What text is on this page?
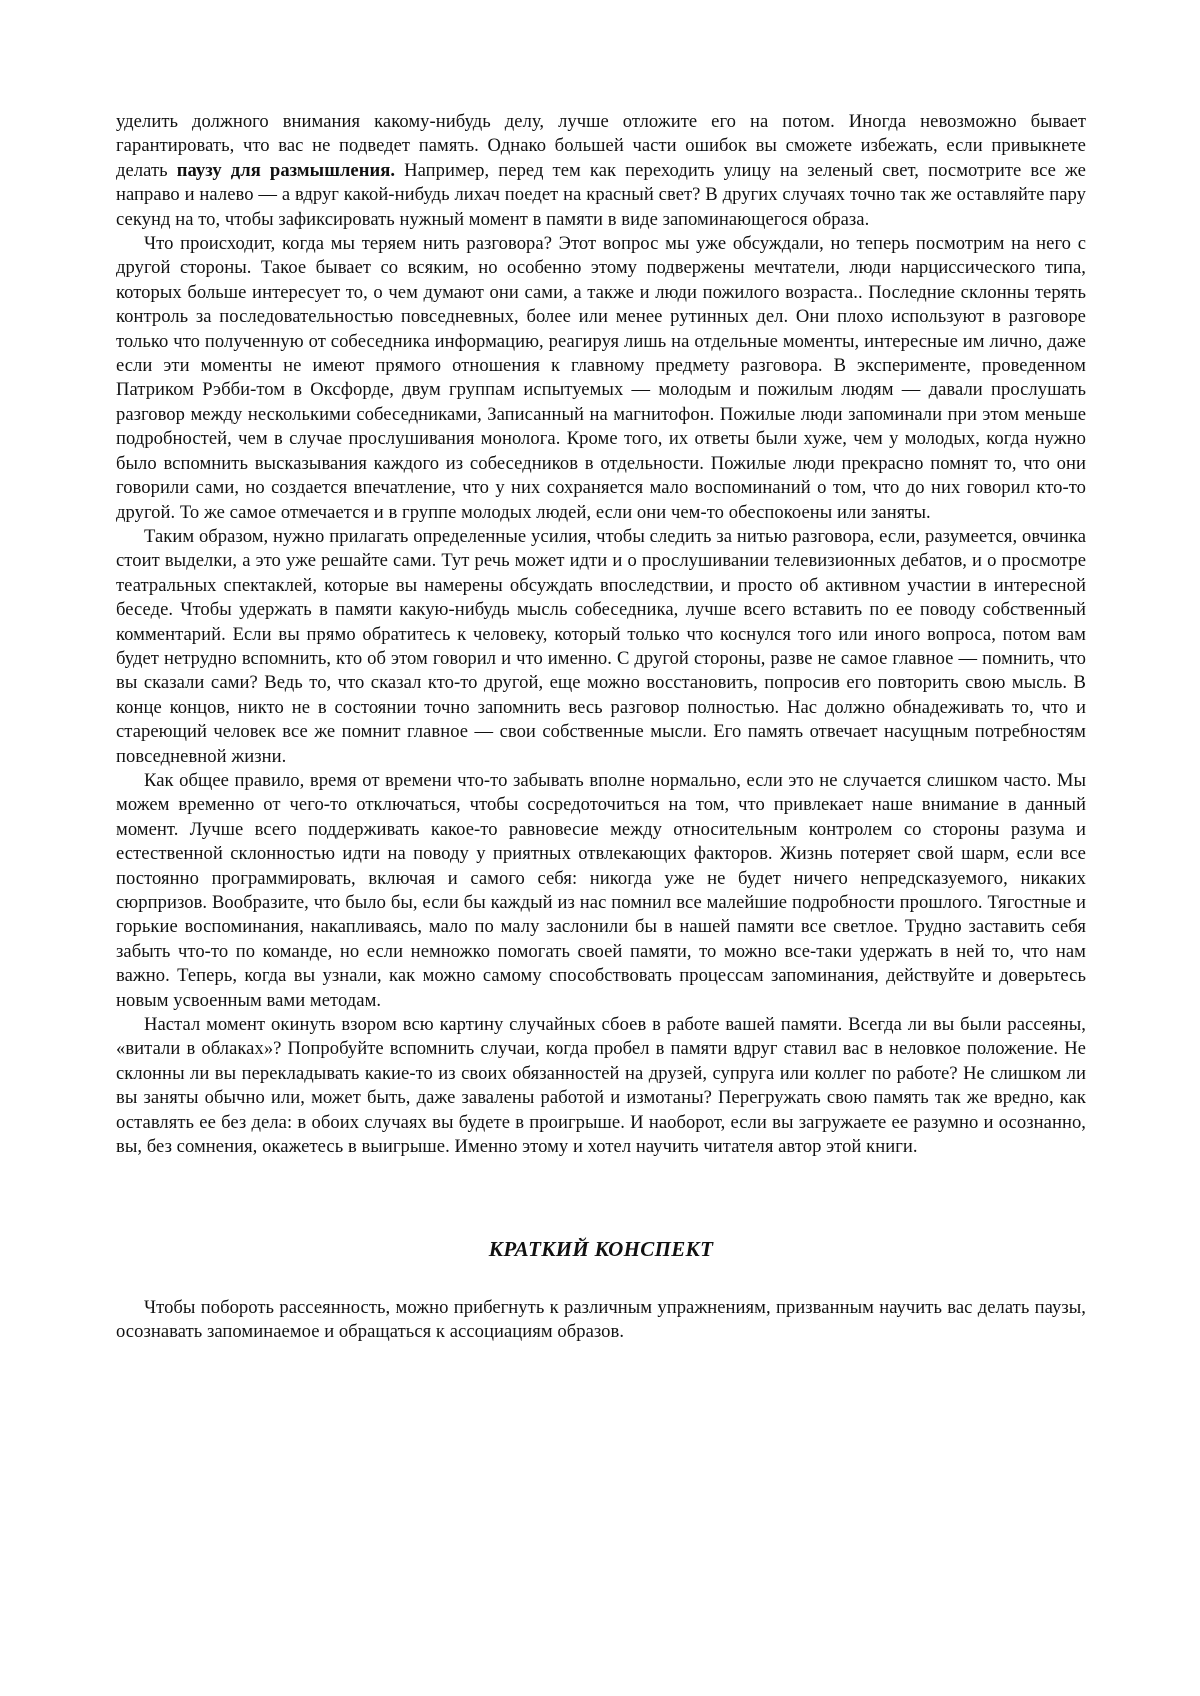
уделить должного внимания какому-нибудь делу, лучше отложите его на потом. Иногда невозможно бывает гарантировать, что вас не подведет память. Однако большей части ошибок вы сможете избежать, если привыкнете делать паузу для размышления. Например, перед тем как переходить улицу на зеленый свет, посмотрите все же направо и налево — а вдруг какой-нибудь лихач поедет на красный свет? В других случаях точно так же оставляйте пару секунд на то, чтобы зафиксировать нужный момент в памяти в виде запоминающегося образа.

Что происходит, когда мы теряем нить разговора? Этот вопрос мы уже обсуждали, но теперь посмотрим на него с другой стороны. Такое бывает со всяким, но особенно этому подвержены мечтатели, люди нарциссического типа, которых больше интересует то, о чем думают они сами, а также и люди пожилого возраста.. Последние склонны терять контроль за последовательностью повседневных, более или менее рутинных дел. Они плохо используют в разговоре только что полученную от собеседника информацию, реагируя лишь на отдельные моменты, интересные им лично, даже если эти моменты не имеют прямого отношения к главному предмету разговора. В эксперименте, проведенном Патриком Рэбби-том в Оксфорде, двум группам испытуемых — молодым и пожилым людям — давали прослушать разговор между несколькими собеседниками, Записанный на магнитофон. Пожилые люди запоминали при этом меньше подробностей, чем в случае прослушивания монолога. Кроме того, их ответы были хуже, чем у молодых, когда нужно было вспомнить высказывания каждого из собеседников в отдельности. Пожилые люди прекрасно помнят то, что они говорили сами, но создается впечатление, что у них сохраняется мало воспоминаний о том, что до них говорил кто-то другой. То же самое отмечается и в группе молодых людей, если они чем-то обеспокоены или заняты.

Таким образом, нужно прилагать определенные усилия, чтобы следить за нитью разговора, если, разумеется, овчинка стоит выделки, а это уже решайте сами. Тут речь может идти и о прослушивании телевизионных дебатов, и о просмотре театральных спектаклей, которые вы намерены обсуждать впоследствии, и просто об активном участии в интересной беседе. Чтобы удержать в памяти какую-нибудь мысль собеседника, лучше всего вставить по ее поводу собственный комментарий. Если вы прямо обратитесь к человеку, который только что коснулся того или иного вопроса, потом вам будет нетрудно вспомнить, кто об этом говорил и что именно. С другой стороны, разве не самое главное — помнить, что вы сказали сами? Ведь то, что сказал кто-то другой, еще можно восстановить, попросив его повторить свою мысль. В конце концов, никто не в состоянии точно запомнить весь разговор полностью. Нас должно обнадеживать то, что и стареющий человек все же помнит главное — свои собственные мысли. Его память отвечает насущным потребностям повседневной жизни.

Как общее правило, время от времени что-то забывать вполне нормально, если это не случается слишком часто. Мы можем временно от чего-то отключаться, чтобы сосредоточиться на том, что привлекает наше внимание в данный момент. Лучше всего поддерживать какое-то равновесие между относительным контролем со стороны разума и естественной склонностью идти на поводу у приятных отвлекающих факторов. Жизнь потеряет свой шарм, если все постоянно программировать, включая и самого себя: никогда уже не будет ничего непредсказуемого, никаких сюрпризов. Вообразите, что было бы, если бы каждый из нас помнил все малейшие подробности прошлого. Тягостные и горькие воспоминания, накапливаясь, мало по малу заслонили бы в нашей памяти все светлое. Трудно заставить себя забыть что-то по команде, но если немножко помогать своей памяти, то можно все-таки удержать в ней то, что нам важно. Теперь, когда вы узнали, как можно самому способствовать процессам запоминания, действуйте и доверьтесь новым усвоенным вами методам.

Настал момент окинуть взором всю картину случайных сбоев в работе вашей памяти. Всегда ли вы были рассеяны, «витали в облаках»? Попробуйте вспомнить случаи, когда пробел в памяти вдруг ставил вас в неловкое положение. Не склонны ли вы перекладывать какие-то из своих обязанностей на друзей, супруга или коллег по работе? Не слишком ли вы заняты обычно или, может быть, даже завалены работой и измотаны? Перегружать свою память так же вредно, как оставлять ее без дела: в обоих случаях вы будете в проигрыше. И наоборот, если вы загружаете ее разумно и осознанно, вы, без сомнения, окажетесь в выигрыше. Именно этому и хотел научить читателя автор этой книги.

КРАТКИЙ КОНСПЕКТ

Чтобы побороть рассеянность, можно прибегнуть к различным упражнениям, призванным научить вас делать паузы, осознавать запоминаемое и обращаться к ассоциациям образов.
